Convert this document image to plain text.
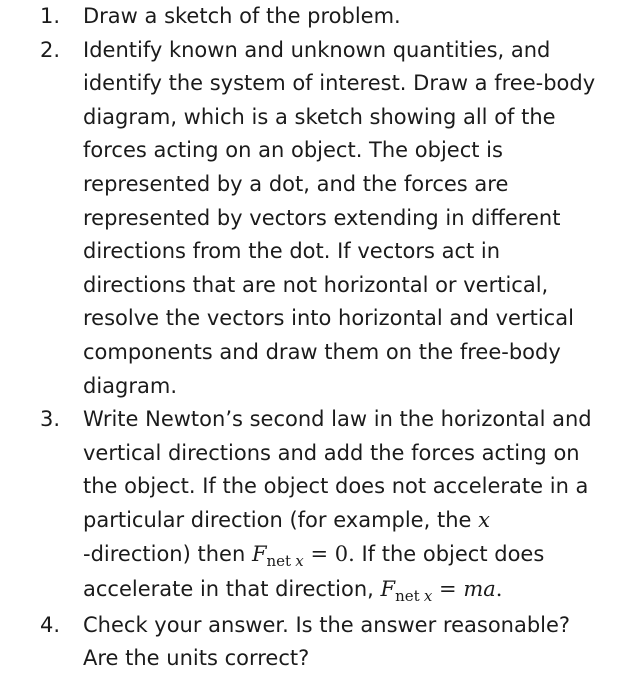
1. Draw a sketch of the problem.
2. Identify known and unknown quantities, and identify the system of interest. Draw a free-body diagram, which is a sketch showing all of the forces acting on an object. The object is represented by a dot, and the forces are represented by vectors extending in different directions from the dot. If vectors act in directions that are not horizontal or vertical, resolve the vectors into horizontal and vertical components and draw them on the free-body diagram.
3. Write Newton’s second law in the horizontal and vertical directions and add the forces acting on the object. If the object does not accelerate in a particular direction (for example, the x
-direction) then $F_{net}$  $_x$ = 0. If the object does accelerate in that direction, $F_{net}$  $_x$ = ma.
4. Check your answer. Is the answer reasonable? Are the units correct?
